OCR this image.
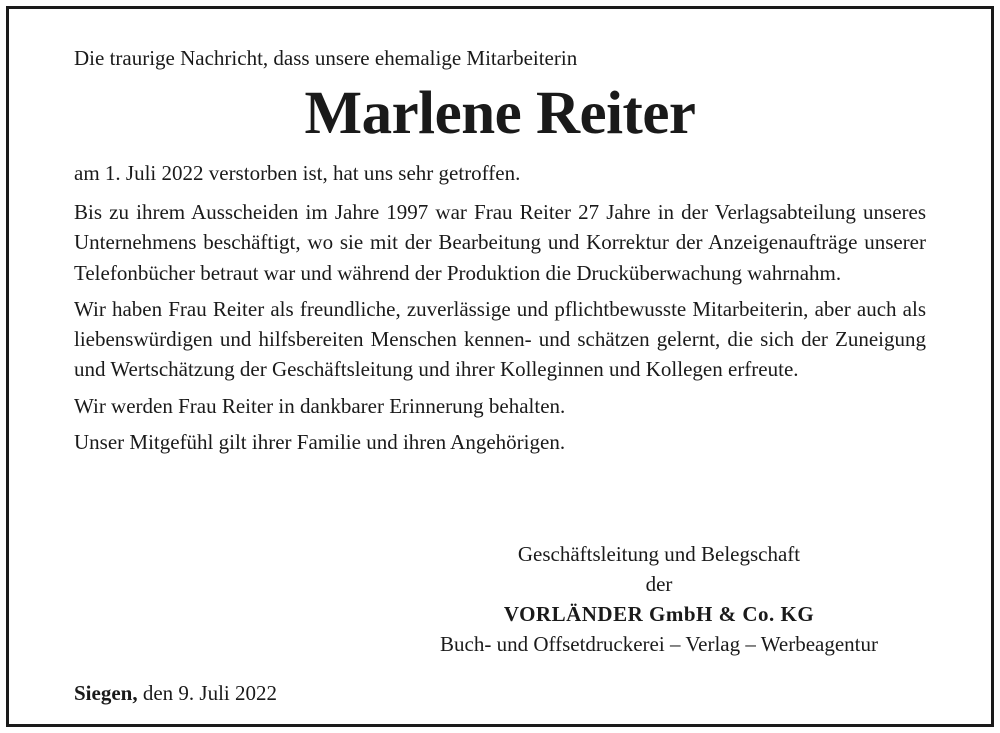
Die traurige Nachricht, dass unsere ehemalige Mitarbeiterin
Marlene Reiter
am 1. Juli 2022 verstorben ist, hat uns sehr getroffen.

Bis zu ihrem Ausscheiden im Jahre 1997 war Frau Reiter 27 Jahre in der Verlagsabteilung unseres Unternehmens beschäftigt, wo sie mit der Bearbeitung und Korrektur der Anzeigenaufträge unserer Telefonbücher betraut war und während der Produktion die Drucküberwachung wahrnahm.

Wir haben Frau Reiter als freundliche, zuverlässige und pflichtbewusste Mitarbeiterin, aber auch als liebenswürdigen und hilfsbereiten Menschen kennen- und schätzen gelernt, die sich der Zuneigung und Wertschätzung der Geschäftsleitung und ihrer Kolleginnen und Kollegen erfreute.

Wir werden Frau Reiter in dankbarer Erinnerung behalten.

Unser Mitgefühl gilt ihrer Familie und ihren Angehörigen.

Geschäftsleitung und Belegschaft
der
VORLÄNDER GmbH & Co. KG
Buch- und Offsetdruckerei – Verlag – Werbeagentur
Siegen, den 9. Juli 2022
